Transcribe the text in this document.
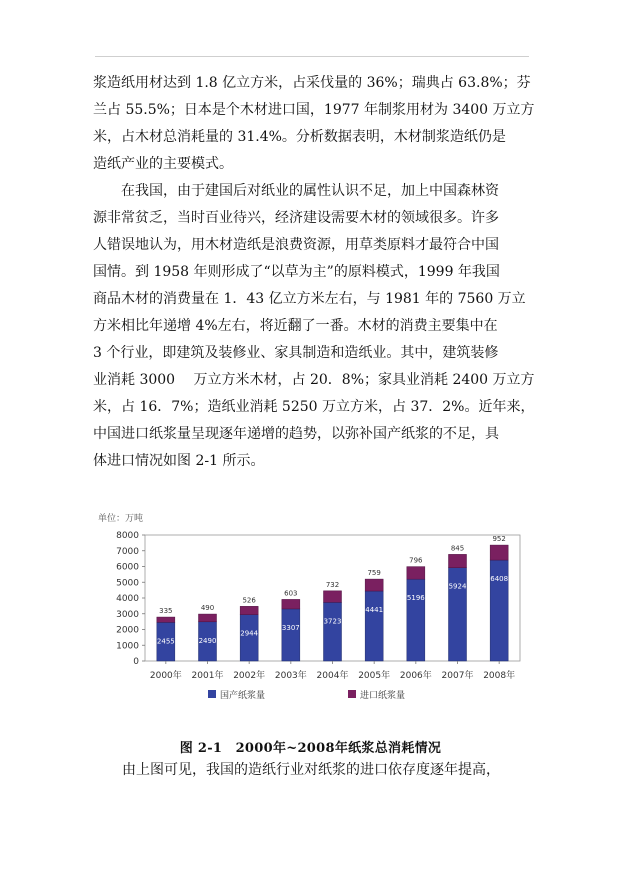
浆造纸用材达到 1.8 亿立方米，占采伐量的 36%；瑞典占 63.8%；芬
兰占 55.5%；日本是个木材进口国，1977 年制浆用材为 3400 万立方
米，占木材总消耗量的 31.4%。分析数据表明，木材制浆造纸仍是
造纸产业的主要模式。
在我国，由于建国后对纸业的属性认识不足，加上中国森林资
源非常贫乏，当时百业待兴，经济建设需要木材的领域很多。许多
人错误地认为，用木材造纸是浪费资源，用草类原料才最符合中国
国情。到 1958 年则形成了“以草为主”的原料模式，1999 年我国
商品木材的消费量在 1．43 亿立方米左右，与 1981 年的 7560 万立
方米相比年递增 4%左右，将近翻了一番。木材的消费主要集中在
3 个行业，即建筑及装修业、家具制造和造纸业。其中，建筑装修
业消耗 3000　 万立方米木材，占 20．8%；家具业消耗 2400 万立方
米，占 16．7%；造纸业消耗 5250 万立方米，占 37．2%。近年来，
中国进口纸浆量呈现逐年递增的趋势，以弥补国产纸浆的不足，具
体进口情况如图 2-1 所示。
单位：万吨
0
1000
2000
3000
4000
5000
6000
7000
8000
2455
335
2000年
2490
490
2001年
2944
526
2002年
3307
603
2003年
3723
732
2004年
4441
759
2005年
5196
796
2006年
5924
845
2007年
6408
952
2008年
国产纸浆量	进口纸浆量
图 2-1　2000年~2008年纸浆总消耗情况
由上图可见，我国的造纸行业对纸浆的进口依存度逐年提高，
